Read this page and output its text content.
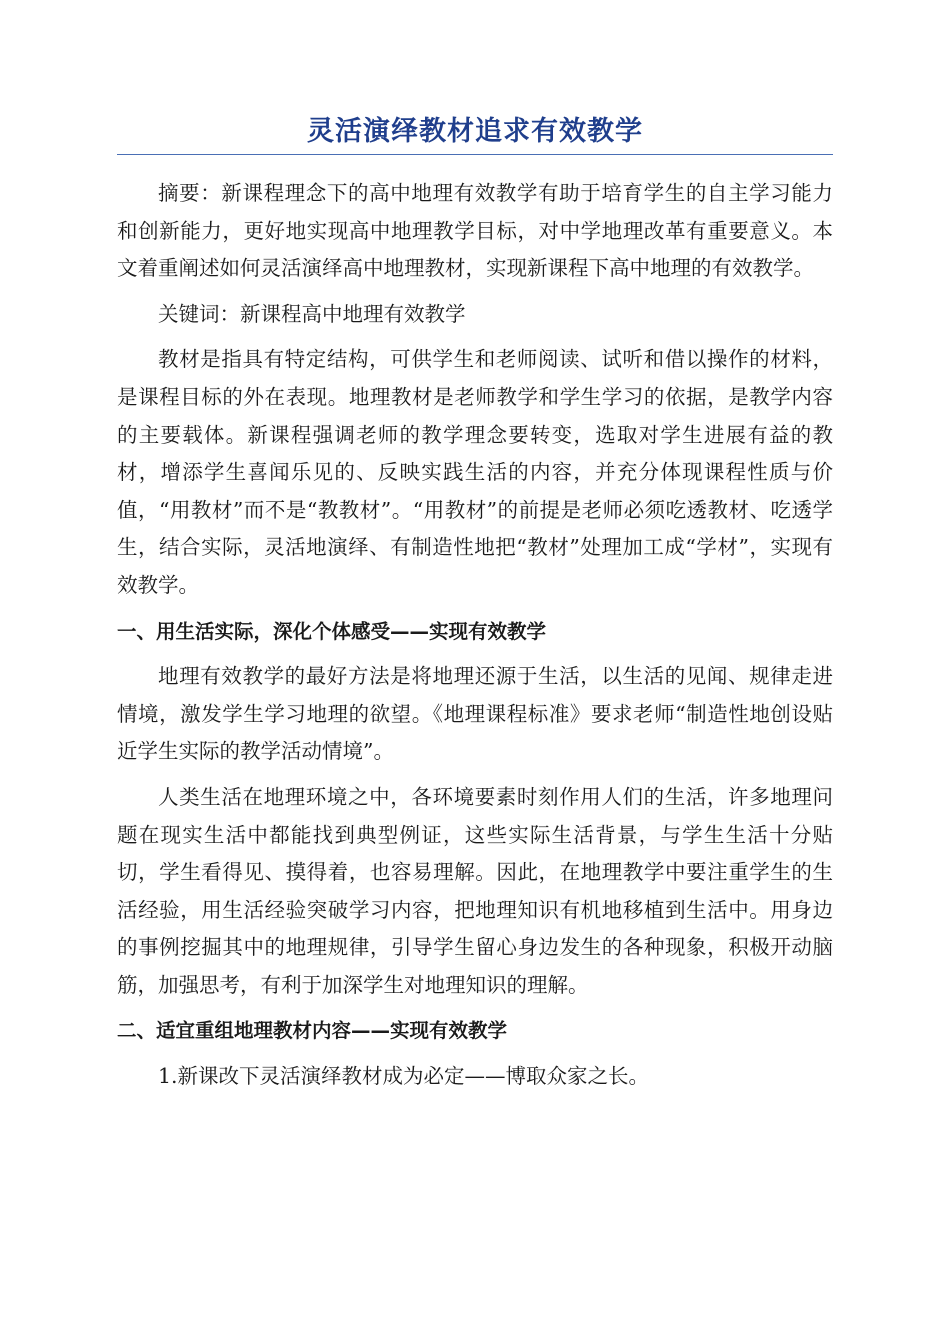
灵活演绎教材追求有效教学

摘要：新课程理念下的高中地理有效教学有助于培育学生的自主学习能力和创新能力，更好地实现高中地理教学目标，对中学地理改革有重要意义。本文着重阐述如何灵活演绎高中地理教材，实现新课程下高中地理的有效教学。

关键词：新课程高中地理有效教学

教材是指具有特定结构，可供学生和老师阅读、试听和借以操作的材料，是课程目标的外在表现。地理教材是老师教学和学生学习的依据，是教学内容的主要载体。新课程强调老师的教学理念要转变，选取对学生进展有益的教材，增添学生喜闻乐见的、反映实践生活的内容，并充分体现课程性质与价值，“用教材”而不是“教教材”。“用教材”的前提是老师必须吃透教材、吃透学生，结合实际，灵活地演绎、有制造性地把“教材”处理加工成“学材”，实现有效教学。

一、用生活实际，深化个体感受——实现有效教学

地理有效教学的最好方法是将地理还源于生活，以生活的见闻、规律走进情境，激发学生学习地理的欲望。《地理课程标准》要求老师“制造性地创设贴近学生实际的教学活动情境”。

人类生活在地理环境之中，各环境要素时刻作用人们的生活，许多地理问题在现实生活中都能找到典型例证，这些实际生活背景，与学生生活十分贴切，学生看得见、摸得着，也容易理解。因此，在地理教学中要注重学生的生活经验，用生活经验突破学习内容，把地理知识有机地移植到生活中。用身边的事例挖掘其中的地理规律，引导学生留心身边发生的各种现象，积极开动脑筋，加强思考，有利于加深学生对地理知识的理解。

二、适宜重组地理教材内容——实现有效教学

1.新课改下灵活演绎教材成为必定——博取众家之长。
